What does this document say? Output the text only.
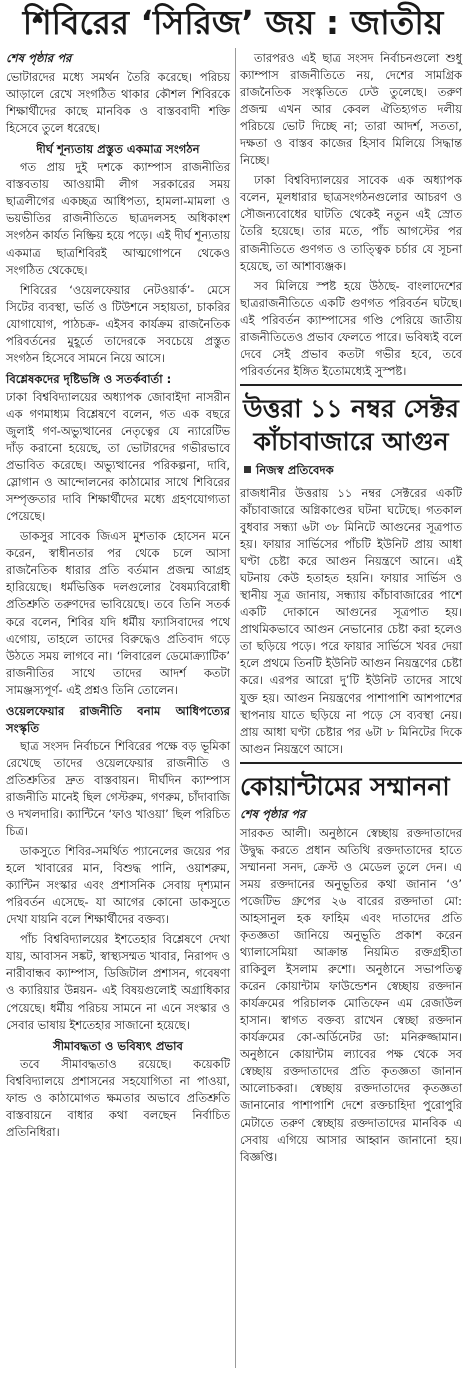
শিবিরের ‘সিরিজ’ জয় : জাতীয়
শেষ পৃষ্ঠার পর

ভোটারদের মধ্যে সমর্থন তৈরি করেছে। পরিচয় আড়ালে রেখে সংগঠিত থাকার কৌশল শিবিরকে শিক্ষার্থীদের কাছে মানবিক ও বাস্তববাদী শক্তি হিসেবে তুলে ধরেছে।

দীর্ঘ শূন্যতায় প্রস্তুত একমাত্র সংগঠন

গত প্রায় দুই দশকে ক্যাম্পাস রাজনীতির বাস্তবতায় আওয়ামী লীগ সরকারের সময় ছাত্রলীগের একচ্ছত্র আধিপত্য, হামলা-মামলা ও ভয়ভীতির রাজনীতিতে ছাত্রদলসহ অধিকাংশ সংগঠন কার্যত নিষ্ক্রিয় হয়ে পড়ে। এই দীর্ঘ শূন্যতায় একমাত্র ছাত্রশিবিরই আত্মগোপনে থেকেও সংগঠিত থেকেছে।

শিবিরের ‘ওয়েলফেয়ার নেটওয়ার্ক’- মেসে সিটের ব্যবস্থা, ভর্তি ও টিউশনে সহায়তা, চাকরির যোগাযোগ, পাঠচক্র- এইসব কার্যক্রম রাজনৈতিক পরিবর্তনের মুহূর্তে তাদেরকে সবচেয়ে প্রস্তুত সংগঠন হিসেবে সামনে নিয়ে আসে।

বিশ্লেষকদের দৃষ্টিভঙ্গি ও সতর্কবার্তা :

ঢাকা বিশ্ববিদ্যালয়ের অধ্যাপক জোবাইদা নাসরীন এক গণমাধ্যম বিশ্লেষণে বলেন, গত এক বছরে জুলাই গণ-অভ্যুত্থানের নেতৃত্বের যে ন্যারেটিভ দাঁড় করানো হয়েছে, তা ভোটারদের গভীরভাবে প্রভাবিত করেছে। অভ্যুত্থানের পরিকল্পনা, দাবি, স্লোগান ও আন্দোলনের কাঠামোর সাথে শিবিরের সম্পৃক্ততার দাবি শিক্ষার্থীদের মধ্যে গ্রহণযোগ্যতা পেয়েছে।

ডাকসুর সাবেক জিএস মুশতাক হোসেন মনে করেন, স্বাধীনতার পর থেকে চলে আসা রাজনৈতিক ধারার প্রতি বর্তমান প্রজন্ম আগ্রহ হারিয়েছে। ধর্মভিত্তিক দলগুলোর বৈষম্যবিরোধী প্রতিশ্রুতি তরুণদের ভাবিয়েছে। তবে তিনি সতর্ক করে বলেন, শিবির যদি ধর্মীয় ফ্যাসিবাদের পথে এগোয়, তাহলে তাদের বিরুদ্ধেও প্রতিবাদ গড়ে উঠতে সময় লাগবে না। ‘লিবারেল ডেমোক্র্যাটিক’ রাজনীতির সাথে তাদের আদর্শ কতটা সামঞ্জস্যপূর্ণ- এই প্রশ্নও তিনি তোলেন।

ওয়েলফেয়ার রাজনীতি বনাম আধিপত্যের সংস্কৃতি

ছাত্র সংসদ নির্বাচনে শিবিরের পক্ষে বড় ভূমিকা রেখেছে তাদের ওয়েলফেয়ার রাজনীতি ও প্রতিশ্রুতির দ্রুত বাস্তবায়ন। দীর্ঘদিন ক্যাম্পাস রাজনীতি মানেই ছিল গেস্টরুম, গণরুম, চাঁদাবাজি ও দখলদারি। ক্যান্টিনে ‘ফাও খাওয়া’ ছিল পরিচিত চিত্র।

ডাকসুতে শিবির-সমর্থিত প্যানেলের জয়ের পর হলে খাবারের মান, বিশুদ্ধ পানি, ওয়াশরুম, ক্যান্টিন সংস্কার এবং প্রশাসনিক সেবায় দৃশ্যমান পরিবর্তন এসেছে- যা আগের কোনো ডাকসুতে দেখা যায়নি বলে শিক্ষার্থীদের বক্তব্য।

পাঁচ বিশ্ববিদ্যালয়ের ইশতেহার বিশ্লেষণে দেখা যায়, আবাসন সঙ্কট, স্বাস্থ্যসম্মত খাবার, নিরাপদ ও নারীবান্ধব ক্যাম্পাস, ডিজিটাল প্রশাসন, গবেষণা ও ক্যারিয়ার উন্নয়ন- এই বিষয়গুলোই অগ্রাধিকার পেয়েছে। ধর্মীয় পরিচয় সামনে না এনে সংস্কার ও সেবার ভাষায় ইশতেহার সাজানো হয়েছে।

সীমাবদ্ধতা ও ভবিষ্যৎ প্রভাব

তবে সীমাবদ্ধতাও রয়েছে। কয়েকটি বিশ্ববিদ্যালয়ে প্রশাসনের সহযোগিতা না পাওয়া, ফান্ড ও কাঠামোগত ক্ষমতার অভাবে প্রতিশ্রুতি বাস্তবায়নে বাধার কথা বলছেন নির্বাচিত প্রতিনিধিরা।

তারপরও এই ছাত্র সংসদ নির্বাচনগুলো শুধু ক্যাম্পাস রাজনীতিতে নয়, দেশের সামগ্রিক রাজনৈতিক সংস্কৃতিতে ঢেউ তুলেছে। তরুণ প্রজন্ম এখন আর কেবল ঐতিহ্যগত দলীয় পরিচয়ে ভোট দিচ্ছে না; তারা আদর্শ, সততা, দক্ষতা ও বাস্তব কাজের হিসাব মিলিয়ে সিদ্ধান্ত নিচ্ছে।

ঢাকা বিশ্ববিদ্যালয়ের সাবেক এক অধ্যাপক বলেন, মূলধারার ছাত্রসংগঠনগুলোর আচরণ ও সৌজন্যবোধের ঘাটতি থেকেই নতুন এই স্রোত তৈরি হয়েছে। তার মতে, পাঁচ আগস্টের পর রাজনীতিতে গুণগত ও তাত্ত্বিক চর্চার যে সূচনা হয়েছে, তা আশাব্যঞ্জক।

সব মিলিয়ে স্পষ্ট হয়ে উঠছে- বাংলাদেশের ছাত্ররাজনীতিতে একটি গুণগত পরিবর্তন ঘটছে। এই পরিবর্তন ক্যাম্পাসের গণ্ডি পেরিয়ে জাতীয় রাজনীতিতেও প্রভাব ফেলতে পারে। ভবিষ্যই বলে দেবে সেই প্রভাব কতটা গভীর হবে, তবে পরিবর্তনের ইঙ্গিত ইতোমধ্যেই সুস্পষ্ট।

উত্তরা ১১ নম্বর সেক্টর কাঁচাবাজারে আগুন
নিজস্ব প্রতিবেদক

রাজধানীর উত্তরায় ১১ নম্বর সেক্টরের একটি কাঁচাবাজারে অগ্নিকাণ্ডের ঘটনা ঘটেছে। গতকাল বুধবার সন্ধ্যা ৬টা ৩৮ মিনিটে আগুনের সূত্রপাত হয়। ফায়ার সার্ভিসের পাঁচটি ইউনিট প্রায় আধা ঘণ্টা চেষ্টা করে আগুন নিয়ন্ত্রণে আনে। এই ঘটনায় কেউ হতাহত হয়নি। ফায়ার সার্ভিস ও স্থানীয় সূত্র জানায়, সন্ধ্যায় কাঁচাবাজারের পাশে একটি দোকানে আগুনের সূত্রপাত হয়। প্রাথমিকভাবে আগুন নেভানোর চেষ্টা করা হলেও তা ছড়িয়ে পড়ে। পরে ফায়ার সার্ভিসে খবর দেয়া হলে প্রথমে তিনটি ইউনিট আগুন নিয়ন্ত্রণের চেষ্টা করে। এরপর আরো দু’টি ইউনিট তাদের সাথে যুক্ত হয়। আগুন নিয়ন্ত্রণের পাশাপাশি আশপাশের স্থাপনায় যাতে ছড়িয়ে না পড়ে সে ব্যবস্থা নেয়। প্রায় আধা ঘণ্টা চেষ্টার পর ৬টা ৮ মিনিটের দিকে আগুন নিয়ন্ত্রণে আসে।

কোয়ান্টামের সম্মাননা
শেষ পৃষ্ঠার পর

সারকত আলী। অনুষ্ঠানে স্বেচ্ছায় রক্তদাতাদের উদ্বুদ্ধ করতে প্রধান অতিথি রক্তদাতাদের হাতে সম্মাননা সনদ, ক্রেস্ট ও মেডেল তুলে দেন। এ সময় রক্তদানের অনুভূতির কথা জানান ‘ও’ পজেটিভ গ্রুপের ২৬ বারের রক্তদাতা মো: আহসানুল হক ফাহিম এবং দাতাদের প্রতি কৃতজ্ঞতা জানিয়ে অনুভূতি প্রকাশ করেন থ্যালাসেমিয়া আক্রান্ত নিয়মিত রক্তগ্রহীতা রাকিবুল ইসলাম রুশো। অনুষ্ঠানে সভাপতিত্ব করেন কোয়ান্টাম ফাউন্ডেশন স্বেচ্ছায় রক্তদান কার্যক্রমের পরিচালক মোতিফেন এম রেজাউল হাসান। স্বাগত বক্তব্য রাখেন স্বেচ্ছা রক্তদান কার্যক্রমের কো-অর্ডিনেটর ডা: মনিরুজ্জামান। অনুষ্ঠানে কোয়ান্টাম ল্যাবের পক্ষ থেকে সব স্বেচ্ছায় রক্তদাতাদের প্রতি কৃতজ্ঞতা জানান আলোচকরা। স্বেচ্ছায় রক্তদাতাদের কৃতজ্ঞতা জানানোর পাশাপাশি দেশে রক্তচাহিদা পুরোপুরি মেটাতে তরুণ স্বেচ্ছায় রক্তদাতাদের মানবিক এ সেবায় এগিয়ে আসার আহ্বান জানানো হয়। বিজ্ঞপ্তি।
